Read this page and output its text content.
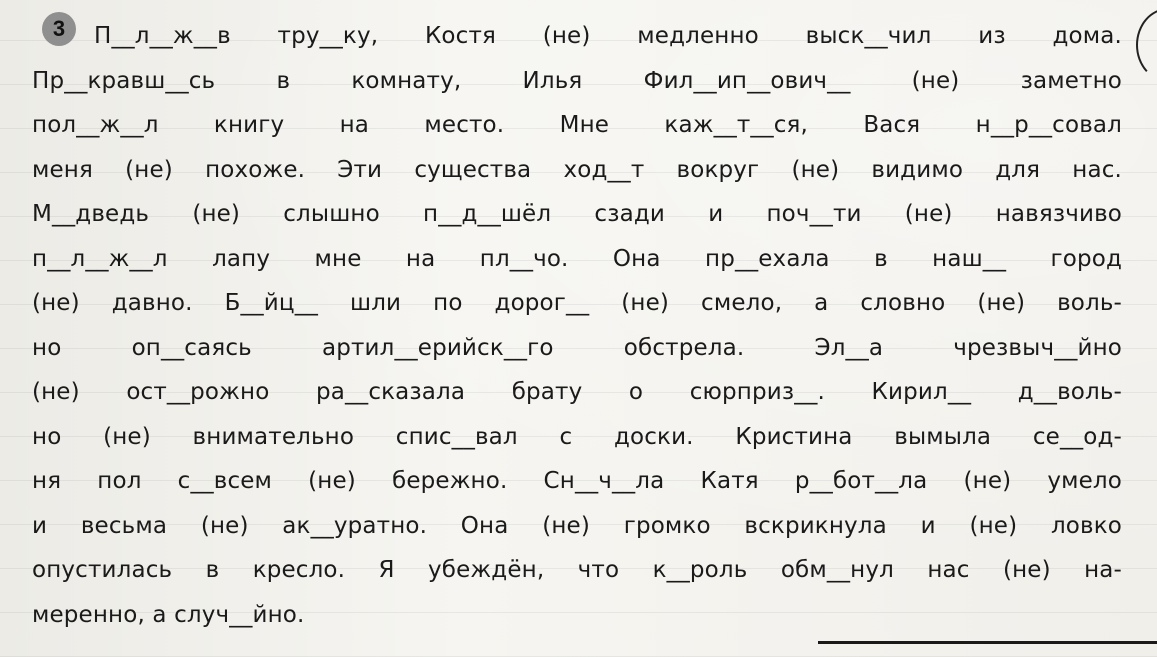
3	П__л__ж__в тру__ку, Костя (не) медленно выск__чил из дома.
Пр__кравш__сь в комнату, Илья Фил__ип__ович__ (не) заметно
пол__ж__л книгу на место. Мне каж__т__ся, Вася н__р__совал
меня (не) похоже. Эти существа ход__т вокруг (не) видимо для нас.
М__дведь (не) слышно п__д__шёл сзади и поч__ти (не) навязчиво
п__л__ж__л лапу мне на пл__чо. Она пр__ехала в наш__ город
(не) давно. Б__йц__ шли по дорог__ (не) смело, а словно (не) воль-
но оп__саясь артил__ерийск__го обстрела. Эл__а чрезвыч__йно
(не) ост__рожно ра__сказала брату о сюрприз__. Кирил__ д__воль-
но (не) внимательно спис__вал с доски. Кристина вымыла се__од-
ня пол с__всем (не) бережно. Сн__ч__ла Катя р__бот__ла (не) умело
и весьма (не) ак__уратно. Она (не) громко вскрикнула и (не) ловко
опустилась в кресло. Я убеждён, что к__роль обм__нул нас (не) на-
меренно, а случ__йно.
